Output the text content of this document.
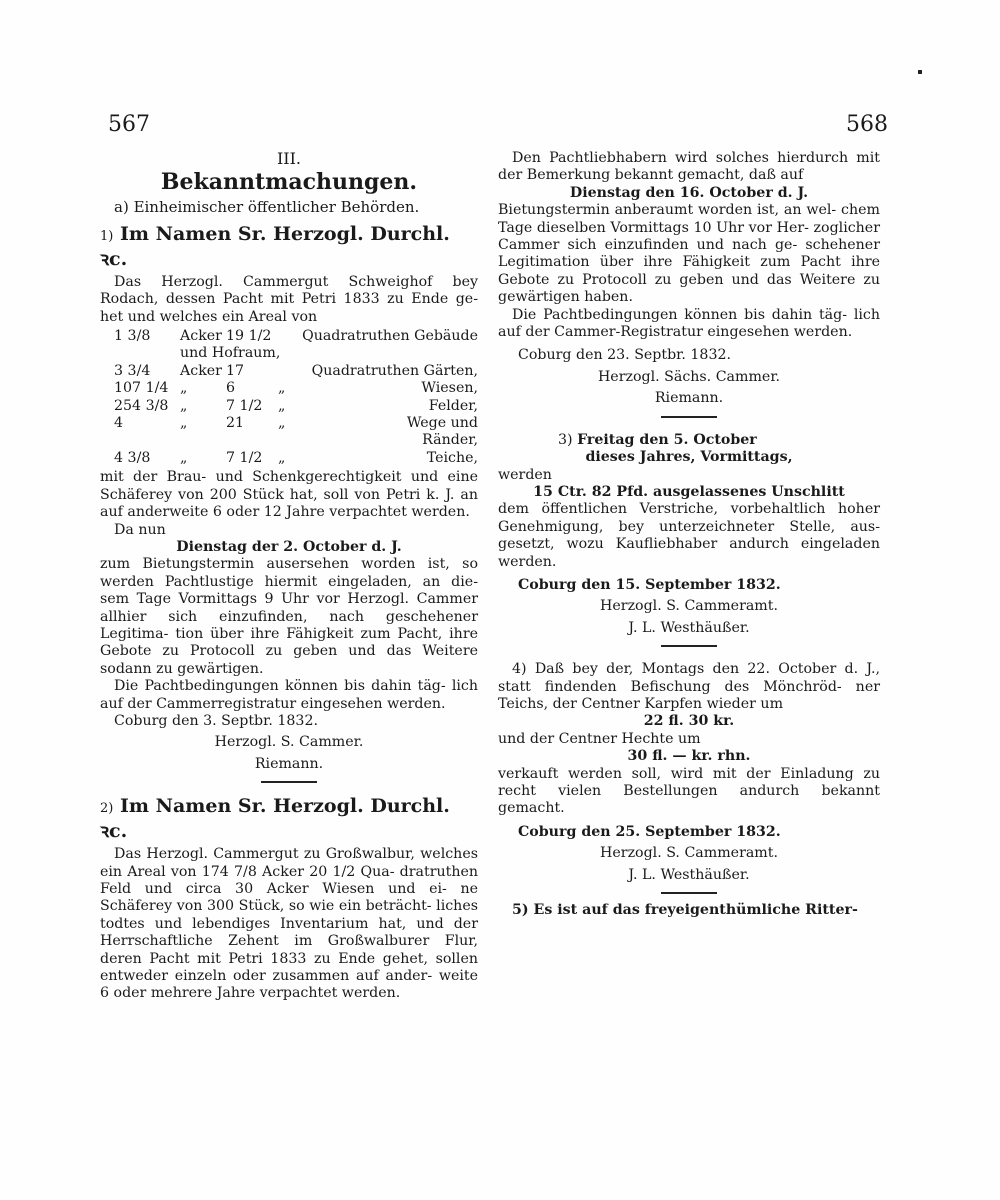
567	568

III.

Bekanntmachungen.

a) Einheimischer öffentlicher Behörden.

1) Im Namen Sr. Herzogl. Durchl. ꝛc.

Das Herzogl. Cammergut Schweighof bey Rodach, dessen Pacht mit Petri 1833 zu Ende ge- het und welches ein Areal von

1 3/8	Acker 19 1/2	Quadratruthen Gebäude
und Hofraum,
3 3/4	Acker 17	Quadratruthen Gärten,
107 1/4 „	6	„	Wiesen,
254 3/8 „	7 1/2	„	Felder,
4	„	21	„	Wege und
Ränder,
4 3/8	„	7 1/2	„	Teiche,

mit der Brau- und Schenkgerechtigkeit und eine Schäferey von 200 Stück hat, soll von Petri k. J. an auf anderweite 6 oder 12 Jahre verpachtet werden.

Da nun

Dienstag der 2. October d. J.

zum Bietungstermin ausersehen worden ist, so werden Pachtlustige hiermit eingeladen, an die- sem Tage Vormittags 9 Uhr vor Herzogl. Cammer allhier sich einzufinden, nach geschehener Legitima- tion über ihre Fähigkeit zum Pacht, ihre Gebote zu Protocoll zu geben und das Weitere sodann zu gewärtigen.

Die Pachtbedingungen können bis dahin täg- lich auf der Cammerregistratur eingesehen werden.

Coburg den 3. Septbr. 1832.

Herzogl. S. Cammer.

Riemann.

2) Im Namen Sr. Herzogl. Durchl. ꝛc.

Das Herzogl. Cammergut zu Großwalbur, welches ein Areal von 174 7/8 Acker 20 1/2 Qua- dratruthen Feld und circa 30 Acker Wiesen und ei- ne Schäferey von 300 Stück, so wie ein beträcht- liches todtes und lebendiges Inventarium hat, und der Herrschaftliche Zehent im Großwalburer Flur, deren Pacht mit Petri 1833 zu Ende gehet, sollen entweder einzeln oder zusammen auf ander- weite 6 oder mehrere Jahre verpachtet werden.

Den Pachtliebhabern wird solches hierdurch mit der Bemerkung bekannt gemacht, daß auf

Dienstag den 16. October d. J.

Bietungstermin anberaumt worden ist, an wel- chem Tage dieselben Vormittags 10 Uhr vor Her- zoglicher Cammer sich einzufinden und nach ge- schehener Legitimation über ihre Fähigkeit zum Pacht ihre Gebote zu Protocoll zu geben und das Weitere zu gewärtigen haben.

Die Pachtbedingungen können bis dahin täg- lich auf der Cammer-Registratur eingesehen werden.

Coburg den 23. Septbr. 1832.

Herzogl. Sächs. Cammer.

Riemann.

3) Freitag den 5. October

dieses Jahres, Vormittags,

werden

15 Ctr. 82 Pfd. ausgelassenes Unschlitt

dem öffentlichen Verstriche, vorbehaltlich hoher Genehmigung, bey unterzeichneter Stelle, aus- gesetzt, wozu Kaufliebhaber andurch eingeladen werden.

Coburg den 15. September 1832.

Herzogl. S. Cammeramt.

J. L. Westhäußer.

4) Daß bey der, Montags den 22. October d. J., statt findenden Befischung des Mönchröd- ner Teichs, der Centner Karpfen wieder um

22 fl. 30 kr.

und der Centner Hechte um

30 fl. — kr. rhn.

verkauft werden soll, wird mit der Einladung zu recht vielen Bestellungen andurch bekannt gemacht.

Coburg den 25. September 1832.

Herzogl. S. Cammeramt.

J. L. Westhäußer.

5) Es ist auf das freyeigenthümliche Ritter-
